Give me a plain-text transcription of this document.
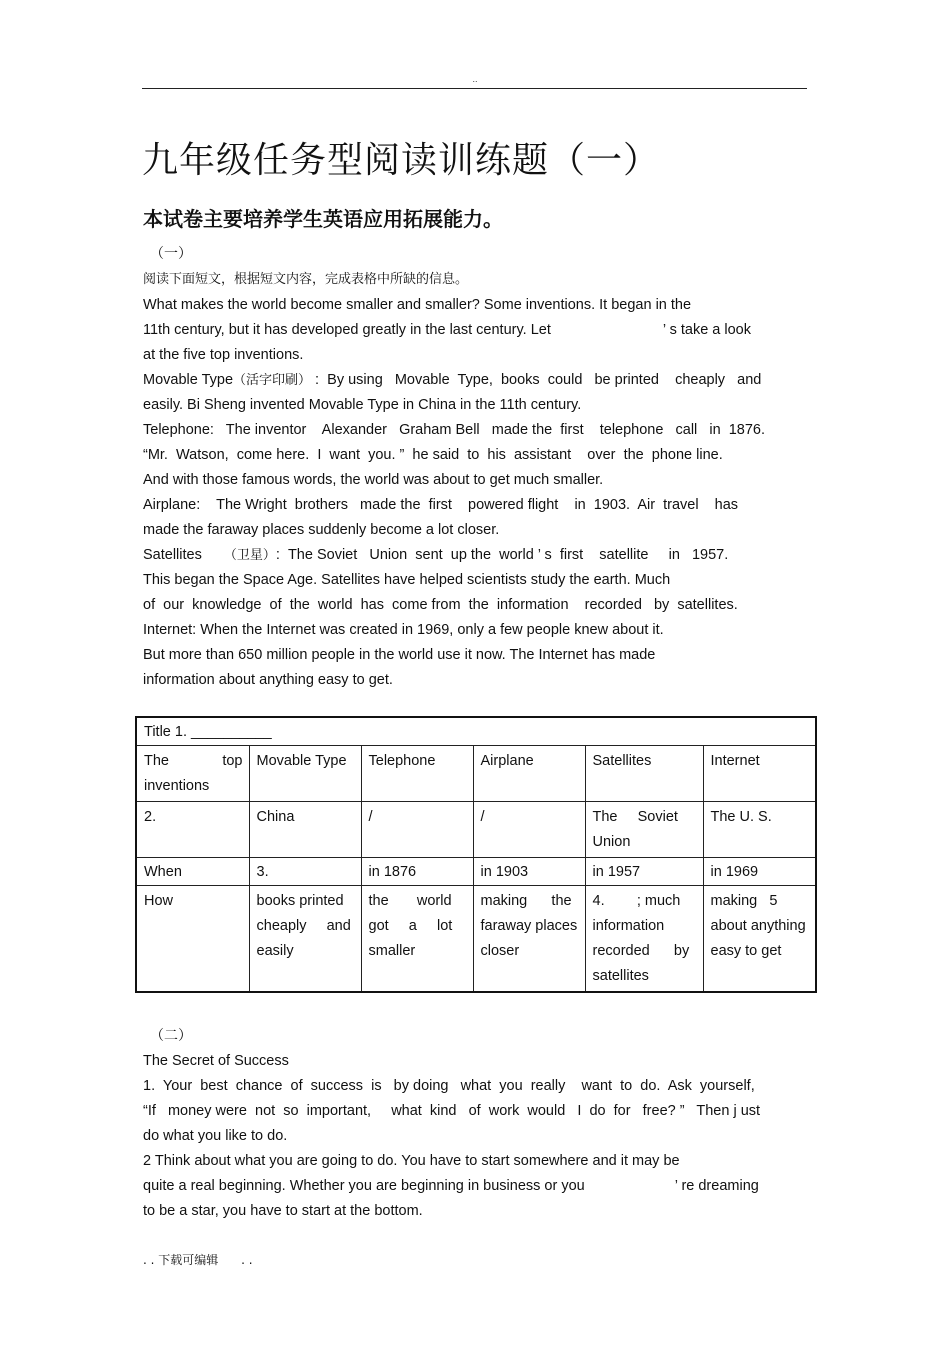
..
九年级任务型阅读训练题（一）
本试卷主要培养学生英语应用拓展能力。
（一）
阅读下面短文，根据短文内容，完成表格中所缺的信息。
What makes the world become smaller and smaller? Some inventions. It began in the
11th century, but it has developed greatly in the last century. Let	’ s take a look
at the five top inventions.
Movable Type（活字印刷） :  By using   Movable  Type,  books  could   be printed    cheaply   and
easily. Bi Sheng invented Movable Type in China in the 11th century.
Telephone:   The inventor    Alexander   Graham Bell   made the  first    telephone   call   in  1876.
“Mr.  Watson,  come here.  I  want  you. ”  he said  to  his  assistant    over  the  phone line.
And with those famous words, the world was about to get much smaller.
Airplane:    The Wright  brothers   made the  first    powered flight    in  1903.  Air  travel    has
made the faraway places suddenly become a lot closer.
Satellites （卫星）:  The Soviet   Union  sent  up the  world ’ s  first    satellite     in   1957.
This began the Space Age. Satellites have helped scientists study the earth. Much
of  our  knowledge  of  the  world  has  come from  the  information    recorded   by  satellites.
Internet: When the Internet was created in 1969, only a few people knew about it.
But more than 650 million people in the world use it now. The Internet has made
information about anything easy to get.
Title 1. __________					
The top inventions	Movable Type	Telephone	Airplane	Satellites	Internet
2.	China	/	/	The     Soviet Union	The U. S.
When	3.	in 1876	in 1903	in 1957	in 1969
How	books printed cheaply     and easily	the       world got     a     lot smaller	making      the faraway places closer	4.        ; much information recorded      by satellites	making   5 about anything easy to get
（二）
The Secret of Success
1.  Your  best  chance  of  success  is   by doing   what  you  really    want  to  do.  Ask  yourself,
“If   money were  not  so  important,     what  kind   of  work  would   I  do  for   free? ”   Then j ust
do what you like to do.
2 Think about what you are going to do. You have to start somewhere and it may be
quite a real beginning. Whether you are beginning in business or you	’ re dreaming
to be a star, you have to start at the bottom.
. . 下载可编辑      . .
